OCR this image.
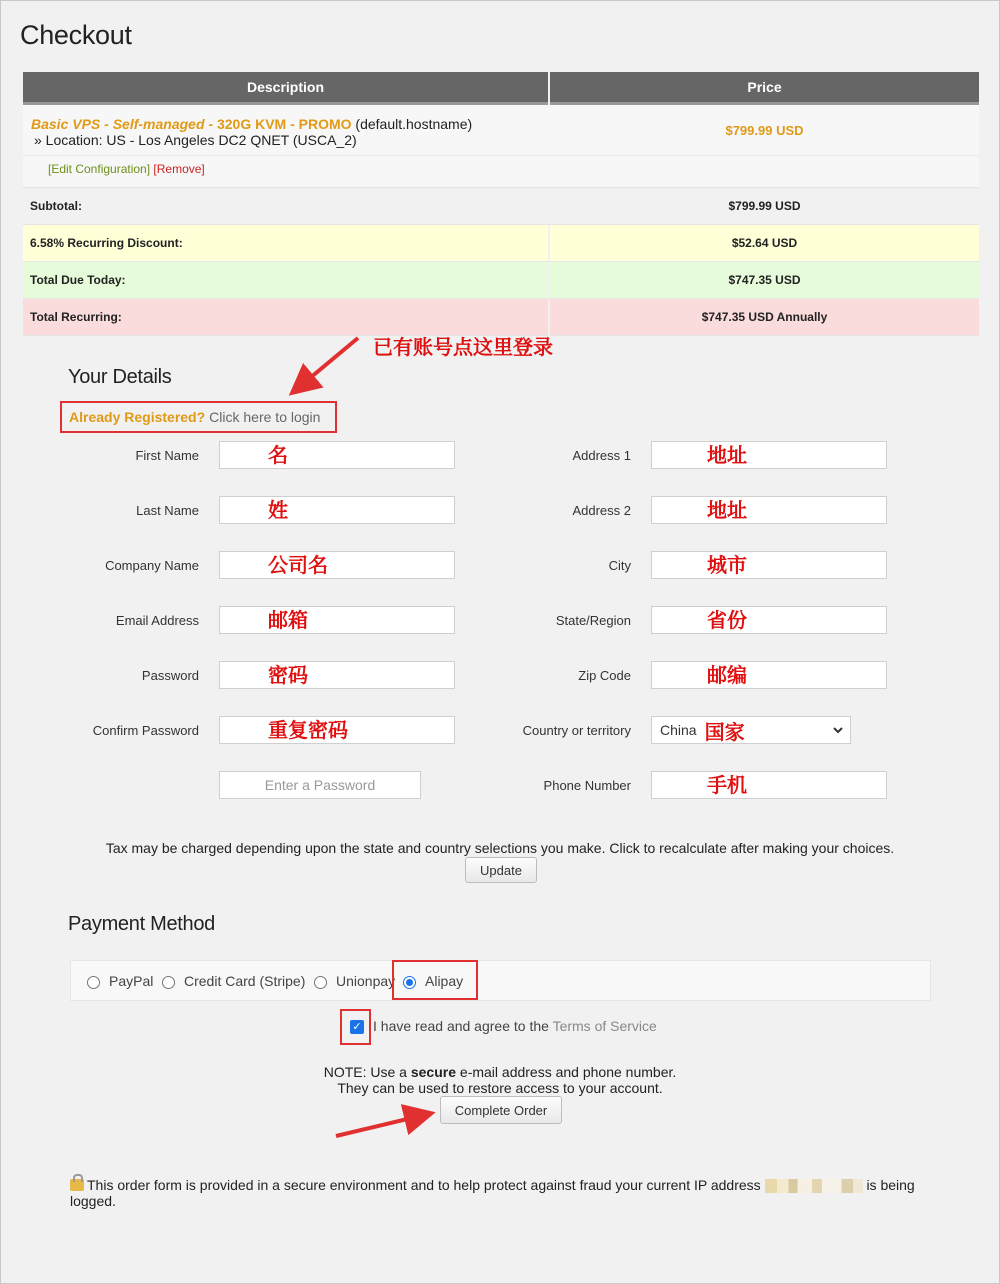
Checkout
Description	Price
Basic VPS - Self-managed - 320G KVM - PROMO (default.hostname)
» Location: US - Los Angeles DC2 QNET (USCA_2)
$799.99 USD
[Edit Configuration] [Remove]
Subtotal:	$799.99 USD
6.58% Recurring Discount:	$52.64 USD
Total Due Today:	$747.35 USD
Total Recurring:	$747.35 USD Annually
已有账号点这里登录
Your Details
Already Registered? Click here to login
First Name	名
Last Name	姓
Company Name	公司名
Email Address	邮箱
Password	密码
Confirm Password	重复密码
Enter a Password
Address 1	地址
Address 2	地址
City	城市
State/Region	省份
Zip Code	邮编
Country or territory China 国家
Phone Number	手机
Tax may be charged depending upon the state and country selections you make. Click to recalculate after making your choices.
Update
Payment Method
PayPal Credit Card (Stripe) Unionpay Alipay
✓ I have read and agree to the Terms of Service
NOTE: Use a secure e-mail address and phone number.
They can be used to restore access to your account.
Complete Order
This order form is provided in a secure environment and to help protect against fraud your current IP address	is being logged.
